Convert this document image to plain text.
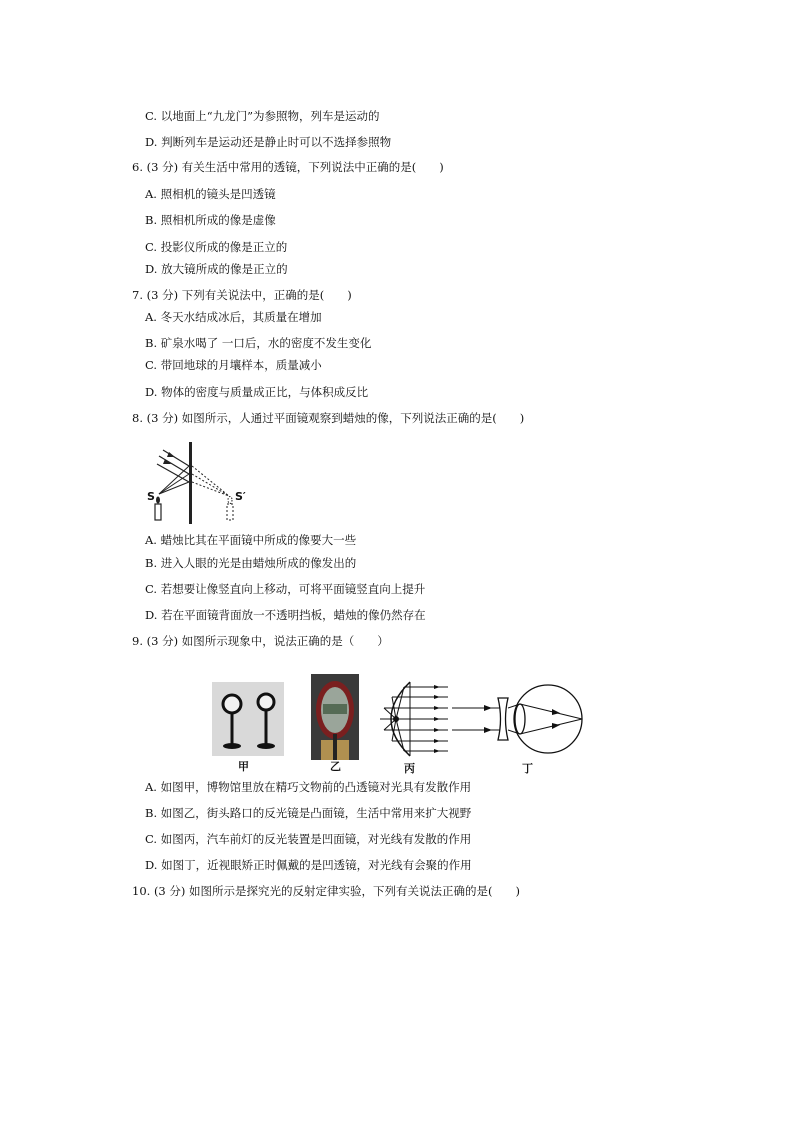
C. 以地面上“九龙门”为参照物，列车是运动的
D. 判断列车是运动还是静止时可以不选择参照物
6. (3 分) 有关生活中常用的透镜，下列说法中正确的是(　　)
A. 照相机的镜头是凹透镜
B. 照相机所成的像是虚像
C. 投影仪所成的像是正立的
D. 放大镜所成的像是正立的
7. (3 分) 下列有关说法中，正确的是(　　)
A. 冬天水结成冰后，其质量在增加
B. 矿泉水喝了 一口后，水的密度不发生变化
C. 带回地球的月壤样本，质量减小
D. 物体的密度与质量成正比，与体积成反比
8. (3 分) 如图所示，人通过平面镜观察到蜡烛的像，下列说法正确的是(　　)
S	S′
A. 蜡烛比其在平面镜中所成的像要大一些
B. 进入人眼的光是由蜡烛所成的像发出的
C. 若想要让像竖直向上移动，可将平面镜竖直向上提升
D. 若在平面镜背面放一不透明挡板，蜡烛的像仍然存在
9. (3 分) 如图所示现象中，说法正确的是（　　）
甲	乙	丙	丁
A. 如图甲，博物馆里放在精巧文物前的凸透镜对光具有发散作用
B. 如图乙，街头路口的反光镜是凸面镜，生活中常用来扩大视野
C. 如图丙，汽车前灯的反光装置是凹面镜，对光线有发散的作用
D. 如图丁，近视眼矫正时佩戴的是凹透镜，对光线有会聚的作用
10. (3 分) 如图所示是探究光的反射定律实验，下列有关说法正确的是(　　)
